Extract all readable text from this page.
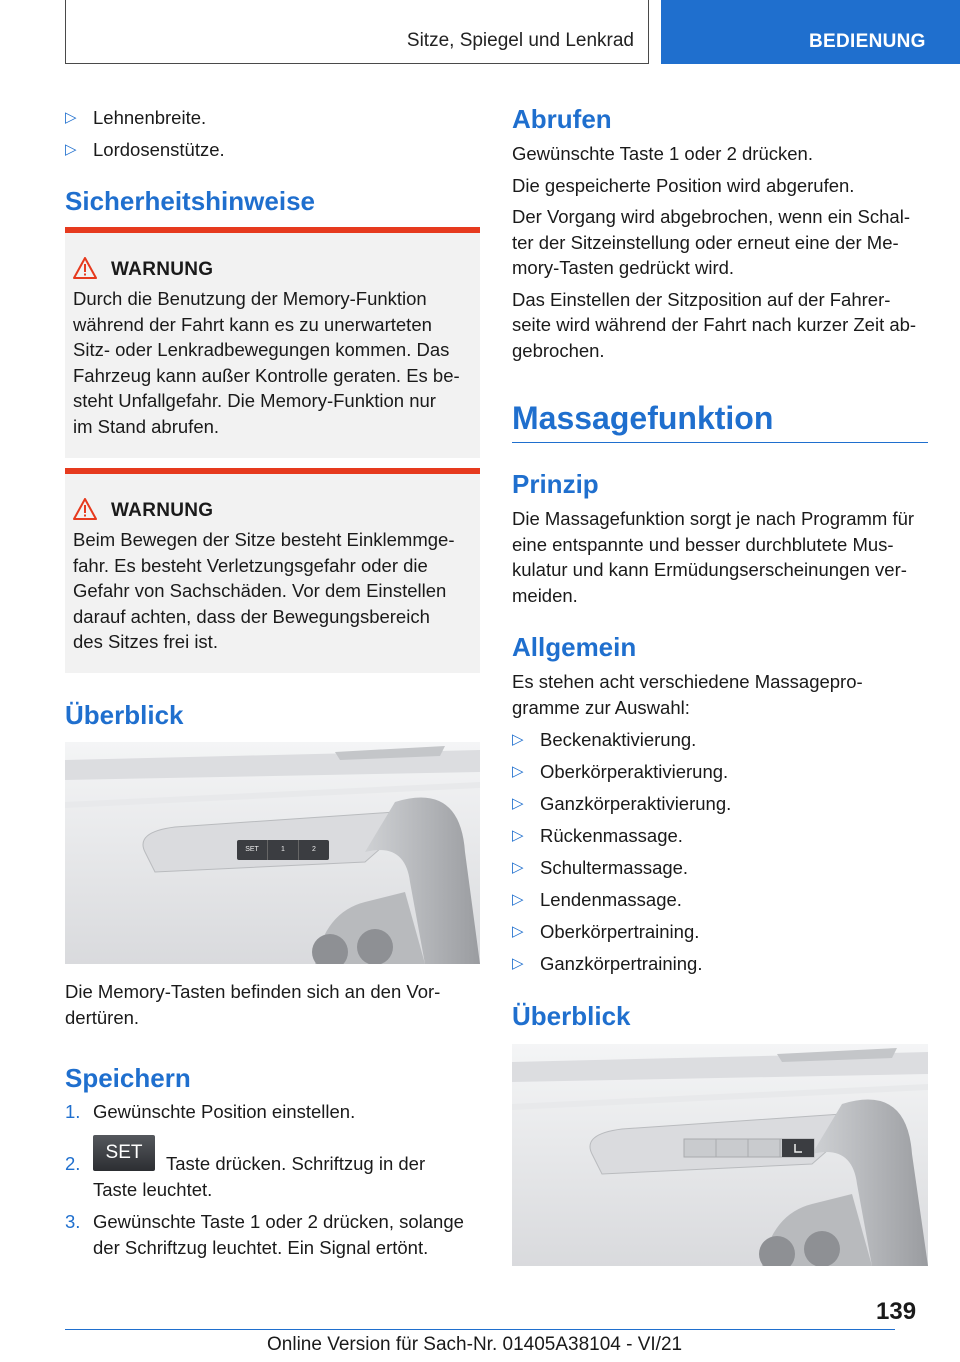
Sitze, Spiegel und Lenkrad	BEDIENUNG
▷ Lehnenbreite.
▷ Lordosenstütze.
Sicherheitshinweise
WARNUNG

Durch die Benutzung der Memory-Funktion

während der Fahrt kann es zu unerwarteten

Sitz- oder Lenkradbewegungen kommen. Das

Fahrzeug kann außer Kontrolle geraten. Es be-

steht Unfallgefahr. Die Memory-Funktion nur

im Stand abrufen.

WARNUNG

Beim Bewegen der Sitze besteht Einklemmge-

fahr. Es besteht Verletzungsgefahr oder die

Gefahr von Sachschäden. Vor dem Einstellen

darauf achten, dass der Bewegungsbereich

des Sitzes frei ist.

Überblick
SET	1	2

Die Memory-Tasten befinden sich an den Vor-

dertüren.

Speichern
1. Gewünschte Position einstellen.
2.
SET
Taste drücken. Schriftzug in der
Taste leuchtet.
3. Gewünschte Taste 1 oder 2 drücken, solange
der Schriftzug leuchtet. Ein Signal ertönt.
Abrufen

Gewünschte Taste 1 oder 2 drücken.

Die gespeicherte Position wird abgerufen.

Der Vorgang wird abgebrochen, wenn ein Schal-

ter der Sitzeinstellung oder erneut eine der Me-

mory-Tasten gedrückt wird.

Das Einstellen der Sitzposition auf der Fahrer-

seite wird während der Fahrt nach kurzer Zeit ab-

gebrochen.

Massagefunktion
Prinzip

Die Massagefunktion sorgt je nach Programm für

eine entspannte und besser durchblutete Mus-

kulatur und kann Ermüdungserscheinungen ver-

meiden.

Allgemein

Es stehen acht verschiedene Massagepro-

gramme zur Auswahl:

▷ Beckenaktivierung.
▷ Oberkörperaktivierung.
▷ Ganzkörperaktivierung.
▷ Rückenmassage.
▷ Schultermassage.
▷ Lendenmassage.
▷ Oberkörpertraining.
▷ Ganzkörpertraining.
Überblick
139
Online Version für Sach-Nr. 01405A38104 - VI/21
